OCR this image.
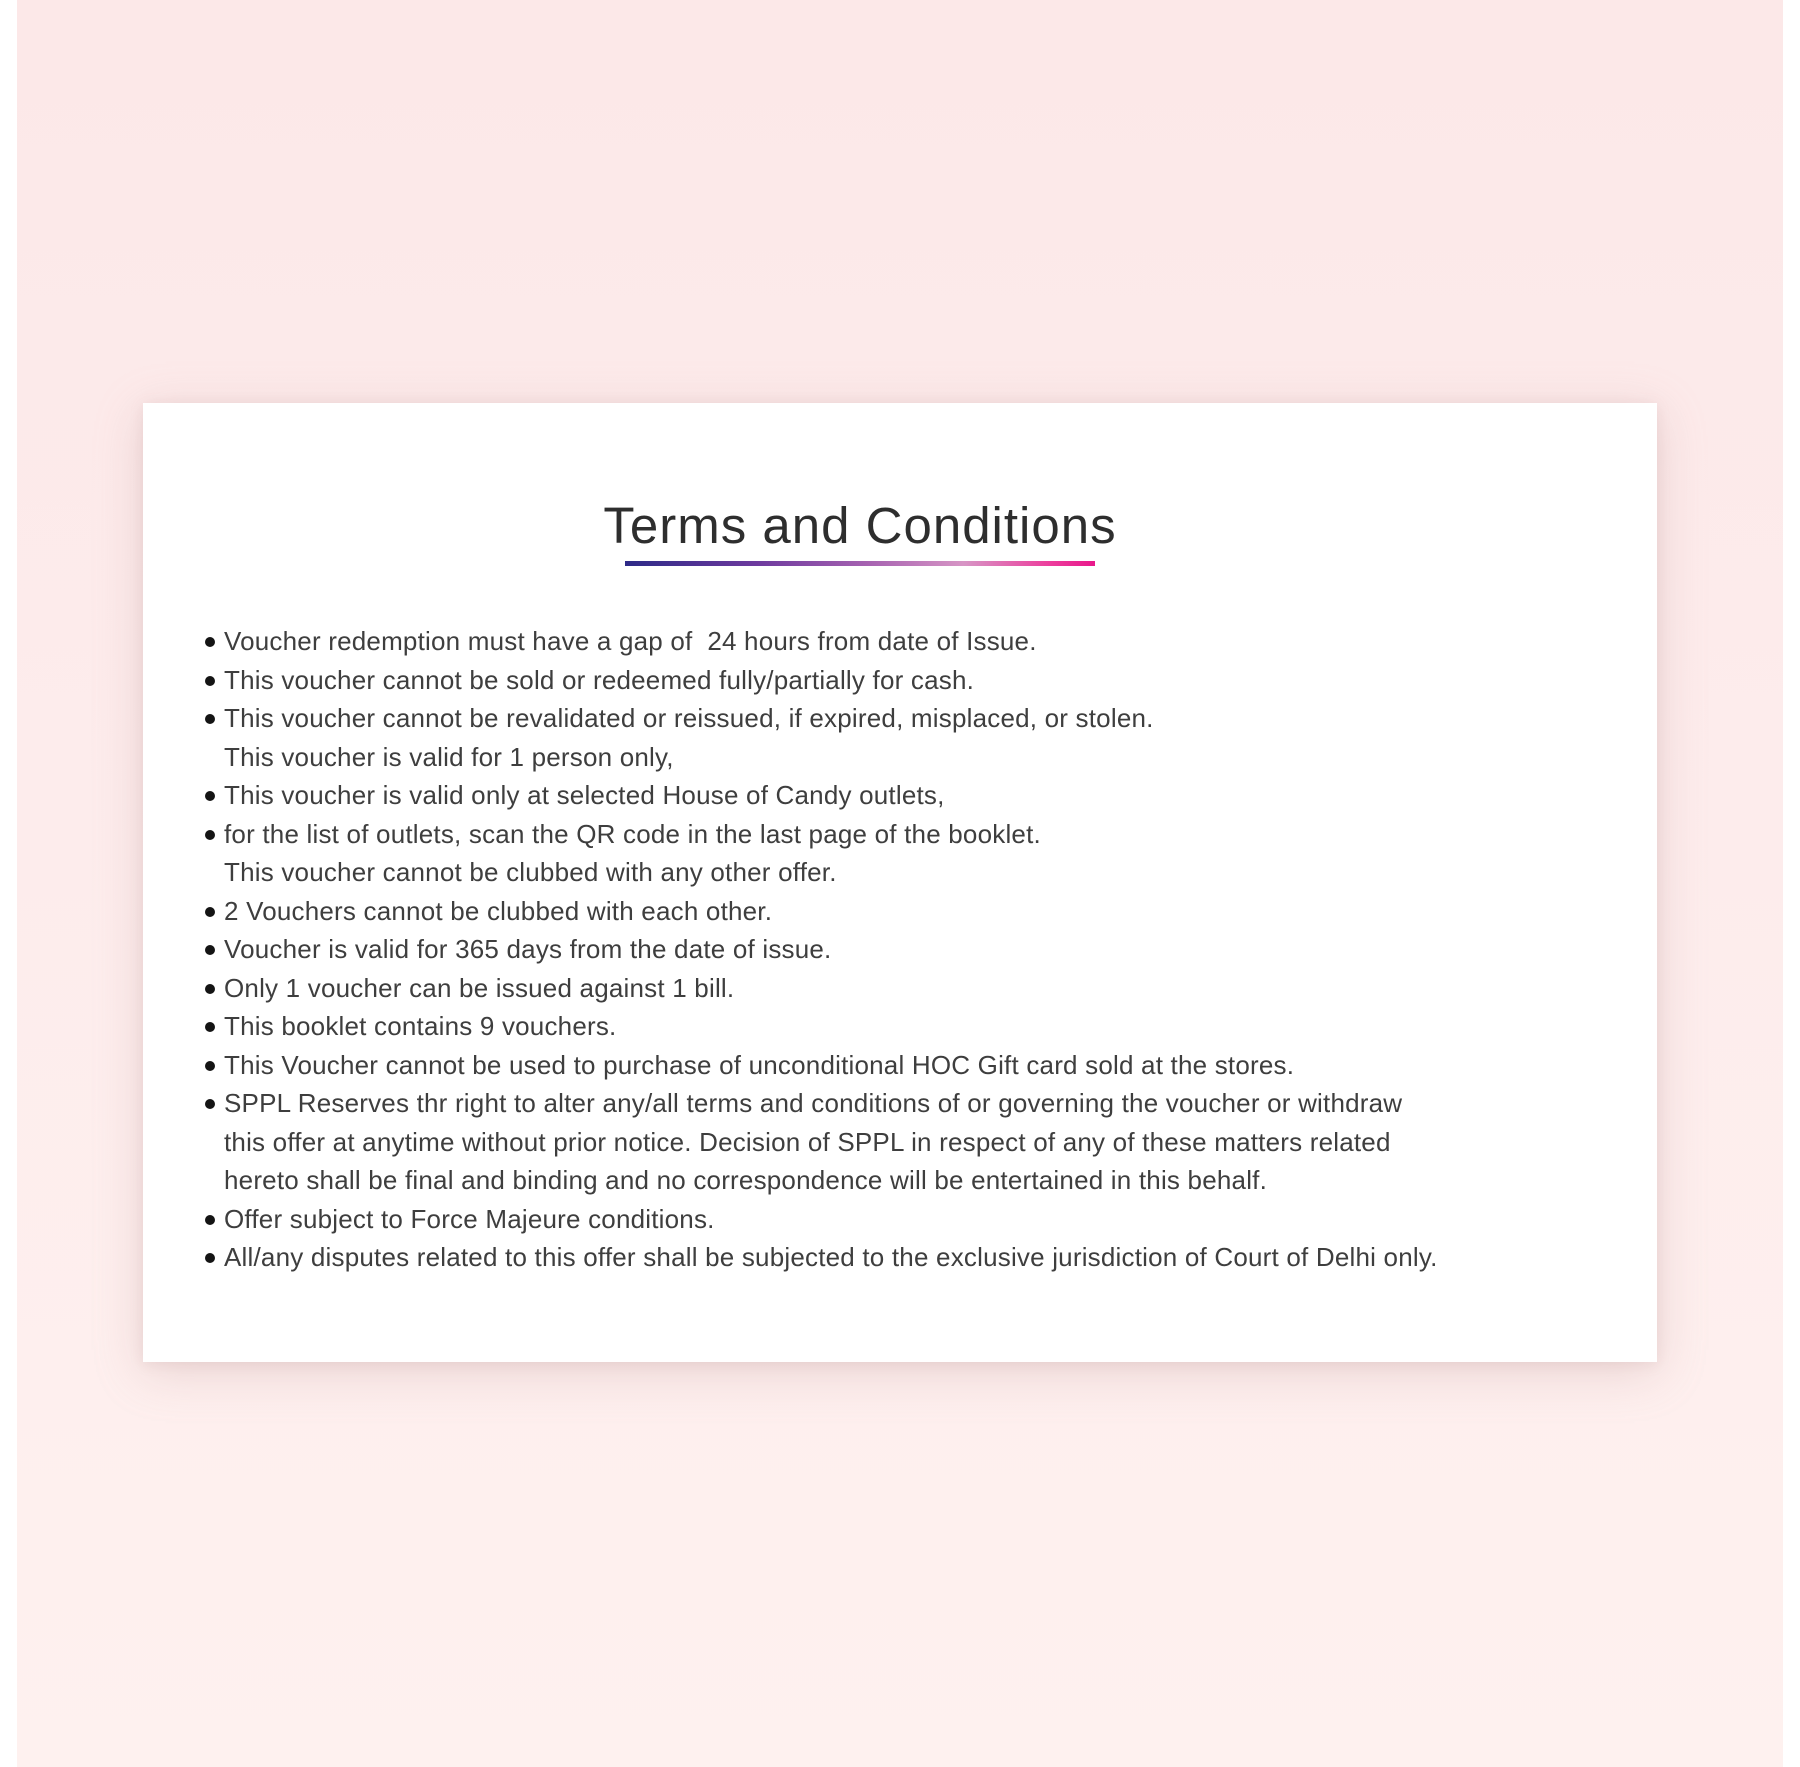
Terms and Conditions
Voucher redemption must have a gap of  24 hours from date of Issue.
This voucher cannot be sold or redeemed fully/partially for cash.
This voucher cannot be revalidated or reissued, if expired, misplaced, or stolen.
This voucher is valid for 1 person only,
This voucher is valid only at selected House of Candy outlets,
for the list of outlets, scan the QR code in the last page of the booklet.
This voucher cannot be clubbed with any other offer.
2 Vouchers cannot be clubbed with each other.
Voucher is valid for 365 days from the date of issue.
Only 1 voucher can be issued against 1 bill.
This booklet contains 9 vouchers.
This Voucher cannot be used to purchase of unconditional HOC Gift card sold at the stores.
SPPL Reserves thr right to alter any/all terms and conditions of or governing the voucher or withdraw
this offer at anytime without prior notice. Decision of SPPL in respect of any of these matters related
hereto shall be final and binding and no correspondence will be entertained in this behalf.
Offer subject to Force Majeure conditions.
All/any disputes related to this offer shall be subjected to the exclusive jurisdiction of Court of Delhi only.
